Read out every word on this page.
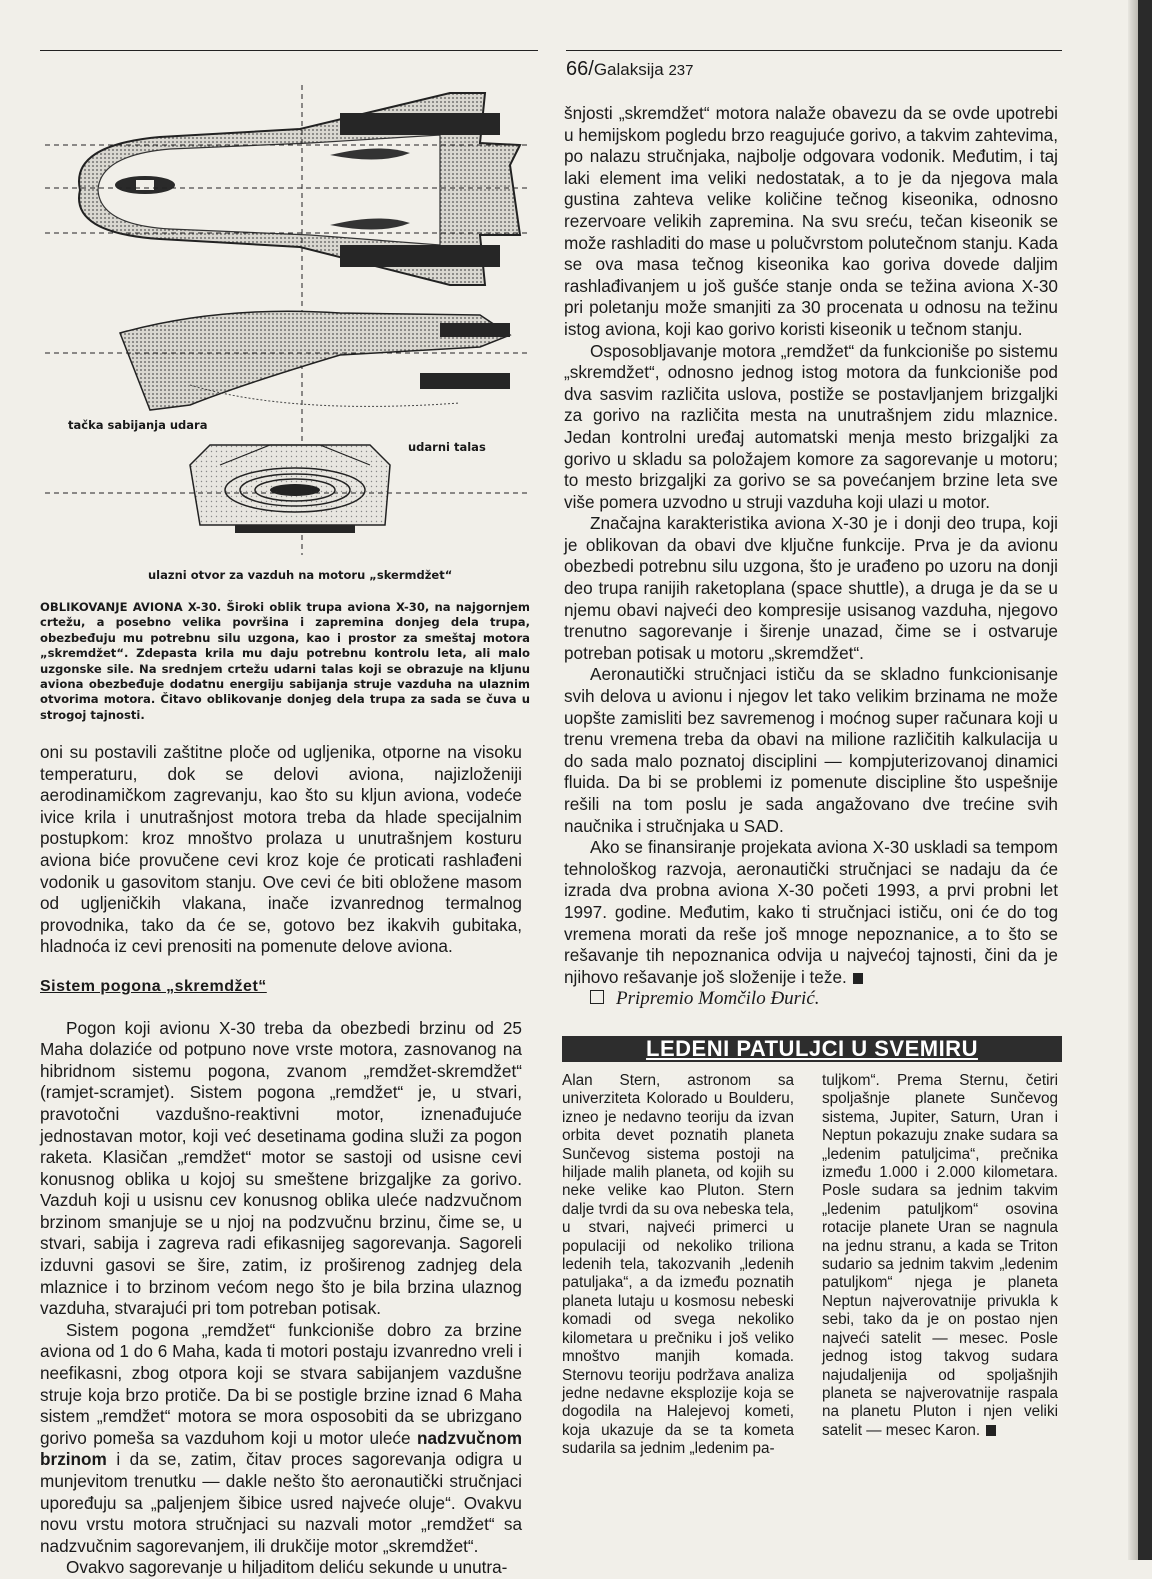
66/Galaksija 237
tačka sabijanja udara
udarni talas
ulazni otvor za vazduh na motoru „skermdžet“
OBLIKOVANJE AVIONA X-30. Široki oblik trupa aviona X-30, na najgornjem crtežu, a posebno velika površina i zapremina donjeg dela trupa, obezbeđuju mu potrebnu silu uzgona, kao i prostor za smeštaj motora „skremdžet“. Zdepasta krila mu daju potrebnu kontrolu leta, ali malo uzgonske sile. Na srednjem crtežu udarni talas koji se obrazuje na kljunu aviona obezbeđuje dodatnu energiju sabijanja struje vazduha na ulaznim otvorima motora. Čitavo oblikovanje donjeg dela trupa za sada se čuva u strogoj tajnosti.

oni su postavili zaštitne ploče od ugljenika, otporne na visoku temperaturu, dok se delovi aviona, najizloženiji aerodinamičkom zagrevanju, kao što su kljun aviona, vodeće ivice krila i unutrašnjost motora treba da hlade specijalnim postupkom: kroz mnoštvo prolaza u unutrašnjem kosturu aviona biće provučene cevi kroz koje će proticati rashlađeni vodonik u gasovitom stanju. Ove cevi će biti obložene masom od ugljeničkih vlakana, inače izvanrednog termalnog provodnika, tako da će se, gotovo bez ikakvih gubitaka, hladnoća iz cevi prenositi na pomenute delove aviona.

Sistem pogona „skremdžet“

Pogon koji avionu X-30 treba da obezbedi brzinu od 25 Maha dolaziće od potpuno nove vrste motora, zasnovanog na hibridnom sistemu pogona, zvanom „remdžet-skremdžet“ (ramjet-scramjet). Sistem pogona „remdžet“ je, u stvari, pravotočni vazdušno-reaktivni motor, iznenađujuće jednostavan motor, koji već desetinama godina služi za pogon raketa. Klasičan „remdžet“ motor se sastoji od usisne cevi konusnog oblika u kojoj su smeštene brizgaljke za gorivo. Vazduh koji u usisnu cev konusnog oblika uleće nadzvučnom brzinom smanjuje se u njoj na podzvučnu brzinu, čime se, u stvari, sabija i zagreva radi efikasnijeg sagorevanja. Sagoreli izduvni gasovi se šire, zatim, iz proširenog zadnjeg dela mlaznice i to brzinom većom nego što je bila brzina ulaznog vazduha, stvarajući pri tom potreban potisak.

Sistem pogona „remdžet“ funkcioniše dobro za brzine aviona od 1 do 6 Maha, kada ti motori postaju izvanredno vreli i neefikasni, zbog otpora koji se stvara sabijanjem vazdušne struje koja brzo protiče. Da bi se postigle brzine iznad 6 Maha sistem „remdžet“ motora se mora osposobiti da se ubrizgano gorivo pomeša sa vazduhom koji u motor uleće nadzvučnom brzinom i da se, zatim, čitav proces sagorevanja odigra u munjevitom trenutku — dakle nešto što aeronautički stručnjaci upoređuju sa „paljenjem šibice usred najveće oluje“. Ovakvu novu vrstu motora stručnjaci su nazvali motor „remdžet“ sa nadzvučnim sagorevanjem, ili drukčije motor „skremdžet“.

Ovakvo sagorevanje u hiljaditom deliću sekunde u unutra-

šnjosti „skremdžet“ motora nalaže obavezu da se ovde upotrebi u hemijskom pogledu brzo reagujuće gorivo, a takvim zahtevima, po nalazu stručnjaka, najbolje odgovara vodonik. Međutim, i taj laki element ima veliki nedostatak, a to je da njegova mala gustina zahteva velike količine tečnog kiseonika, odnosno rezervoare velikih zapremina. Na svu sreću, tečan kiseonik se može rashladiti do mase u polučvrstom polutečnom stanju. Kada se ova masa tečnog kiseonika kao goriva dovede daljim rashlađivanjem u još gušće stanje onda se težina aviona X-30 pri poletanju može smanjiti za 30 procenata u odnosu na težinu istog aviona, koji kao gorivo koristi kiseonik u tečnom stanju.

Osposobljavanje motora „remdžet“ da funkcioniše po sistemu „skremdžet“, odnosno jednog istog motora da funkcioniše pod dva sasvim različita uslova, postiže se postavljanjem brizgaljki za gorivo na različita mesta na unutrašnjem zidu mlaznice. Jedan kontrolni uređaj automatski menja mesto brizgaljki za gorivo u skladu sa položajem komore za sagorevanje u motoru; to mesto brizgaljki za gorivo se sa povećanjem brzine leta sve više pomera uzvodno u struji vazduha koji ulazi u motor.

Značajna karakteristika aviona X-30 je i donji deo trupa, koji je oblikovan da obavi dve ključne funkcije. Prva je da avionu obezbedi potrebnu silu uzgona, što je urađeno po uzoru na donji deo trupa ranijih raketoplana (space shuttle), a druga je da se u njemu obavi najveći deo kompresije usisanog vazduha, njegovo trenutno sagorevanje i širenje unazad, čime se i ostvaruje potreban potisak u motoru „skremdžet“.

Aeronautički stručnjaci ističu da se skladno funkcionisanje svih delova u avionu i njegov let tako velikim brzinama ne može uopšte zamisliti bez savremenog i moćnog super računara koji u trenu vremena treba da obavi na milione različitih kalkulacija u do sada malo poznatoj disciplini — kompjuterizovanoj dinamici fluida. Da bi se problemi iz pomenute discipline što uspešnije rešili na tom poslu je sada angažovano dve trećine svih naučnika i stručnjaka u SAD.

Ako se finansiranje projekata aviona X-30 uskladi sa tempom tehnološkog razvoja, aeronautički stručnjaci se nadaju da će izrada dva probna aviona X-30 početi 1993, a prvi probni let 1997. godine. Međutim, kako ti stručnjaci ističu, oni će do tog vremena morati da reše još mnoge nepoznanice, a to što se rešavanje tih nepoznanica odvija u najvećoj tajnosti, čini da je njihovo rešavanje još složenije i teže.

Pripremio Momčilo Đurić.

LEDENI PATULJCI U SVEMIRU
Alan Stern, astronom sa univerziteta Kolorado u Boulderu, izneo je nedavno teoriju da izvan orbita devet poznatih planeta Sunčevog sistema postoji na hiljade malih planeta, od kojih su neke velike kao Pluton. Stern dalje tvrdi da su ova nebeska tela, u stvari, najveći primerci u populaciji od nekoliko triliona ledenih tela, takozvanih „ledenih patuljaka“, a da između poznatih planeta lutaju u kosmosu nebeski komadi od svega nekoliko kilometara u prečniku i još veliko mnoštvo manjih komada. Sternovu teoriju podržava analiza jedne nedavne eksplozije koja se dogodila na Halejevoj kometi, koja ukazuje da se ta kometa sudarila sa jednim „ledenim pa-
tuljkom“. Prema Sternu, četiri spoljašnje planete Sunčevog sistema, Jupiter, Saturn, Uran i Neptun pokazuju znake sudara sa „ledenim patuljcima“, prečnika između 1.000 i 2.000 kilometara. Posle sudara sa jednim takvim „ledenim patuljkom“ osovina rotacije planete Uran se nagnula na jednu stranu, a kada se Triton sudario sa jednim takvim „ledenim patuljkom“ njega je planeta Neptun najverovatnije privukla k sebi, tako da je on postao njen najveći satelit — mesec. Posle jednog istog takvog sudara najudaljenija od spoljašnjih planeta se najverovatnije raspala na planetu Pluton i njen veliki satelit — mesec Karon.
